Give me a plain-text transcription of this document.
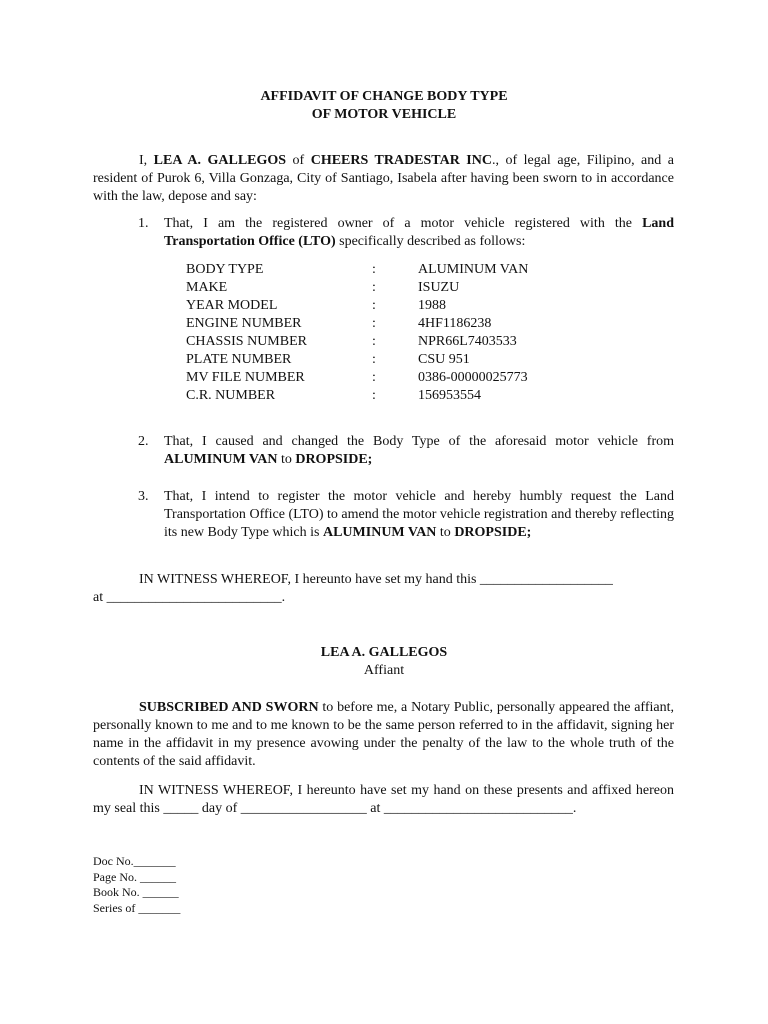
AFFIDAVIT OF CHANGE BODY TYPE
OF MOTOR VEHICLE
I, LEA A. GALLEGOS of CHEERS TRADESTAR INC., of legal age, Filipino, and a resident of Purok 6, Villa Gonzaga, City of Santiago, Isabela after having been sworn to in accordance with the law, depose and say:
1. That, I am the registered owner of a motor vehicle registered with the Land Transportation Office (LTO) specifically described as follows:
BODY TYPE	:	ALUMINUM VAN
MAKE	:	ISUZU
YEAR MODEL	:	1988
ENGINE NUMBER	:	4HF1186238
CHASSIS NUMBER	:	NPR66L7403533
PLATE NUMBER	:	CSU 951
MV FILE NUMBER	:	0386-00000025773
C.R. NUMBER	:	156953554
2. That, I caused and changed the Body Type of the aforesaid motor vehicle from ALUMINUM VAN to DROPSIDE;
3. That, I intend to register the motor vehicle and hereby humbly request the Land Transportation Office (LTO) to amend the motor vehicle registration and thereby reflecting its new Body Type which is ALUMINUM VAN to DROPSIDE;
IN WITNESS WHEREOF, I hereunto have set my hand this ___________________
at _________________________.
LEA A. GALLEGOS
Affiant
SUBSCRIBED AND SWORN to before me, a Notary Public, personally appeared the affiant, personally known to me and to me known to be the same person referred to in the affidavit, signing her name in the affidavit in my presence avowing under the penalty of the law to the whole truth of the contents of the said affidavit.
IN WITNESS WHEREOF, I hereunto have set my hand on these presents and affixed hereon my seal this _____ day of __________________ at ___________________________.
Doc No._______
Page No. ______
Book No. ______
Series of _______
